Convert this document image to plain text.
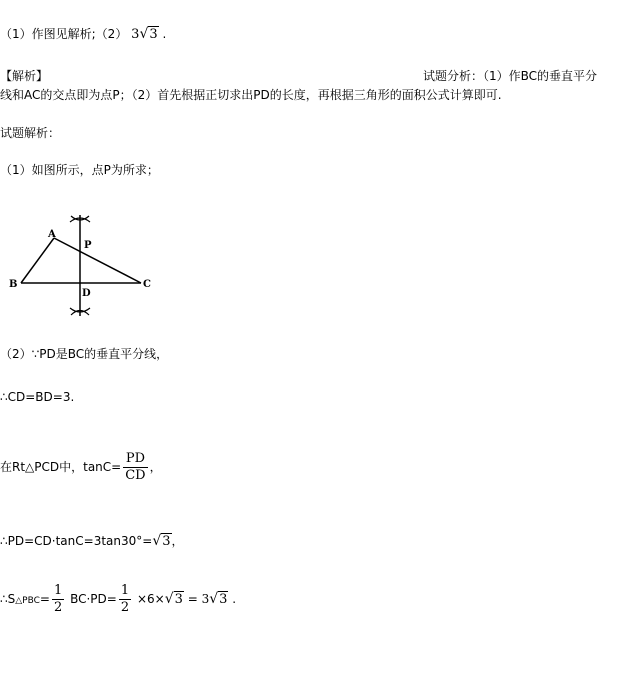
（1）作图见解析;（2） 3√3 .
【解析】	试题分析：（1）作BC的垂直平分
线和AC的交点即为点P；（2）首先根据正切求出PD的长度，再根据三角形的面积公式计算即可.
试题解析：
（1）如图所示，点P为所求；
A
B	C
P
D
（2）∵PD是BC的垂直平分线，
∴CD=BD=3.
在Rt△PCD中，$\tan C= \frac{PD}{CD}$ ，
∴PD=CD·tanC=3tan30°=√3，
∴S△PBC= $\frac{1}{2} BC\cdot PD= \frac{1}{2} \times 6\times√3 = 3√3$ .
